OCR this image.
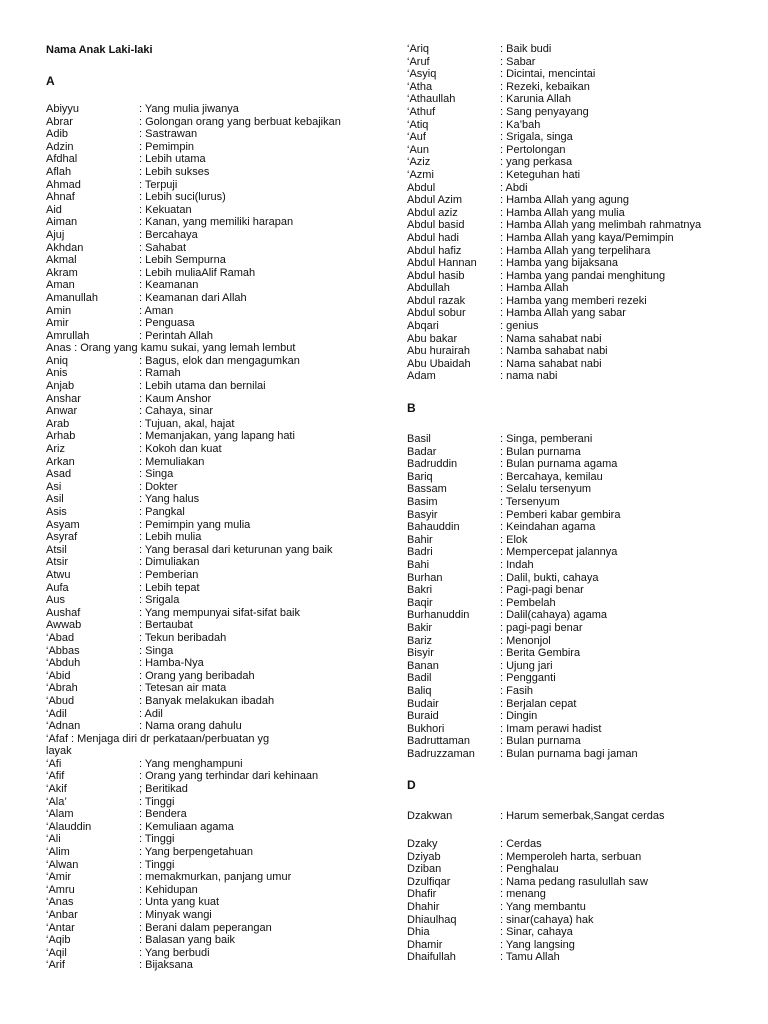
Nama Anak Laki-laki
A
Abiyyu	: Yang mulia jiwanya
Abrar	: Golongan orang yang berbuat kebajikan
Adib	: Sastrawan
Adzin	: Pemimpin
Afdhal	: Lebih utama
Aflah	: Lebih sukses
Ahmad	: Terpuji
Ahnaf	: Lebih suci(lurus)
Aid	: Kekuatan
Aiman	: Kanan, yang memiliki harapan
Ajuj	: Bercahaya
Akhdan	: Sahabat
Akmal	: Lebih Sempurna
Akram	: Lebih muliaAlif Ramah
Aman	: Keamanan
Amanullah	: Keamanan dari Allah
Amin	: Aman
Amir	: Penguasa
Amrullah	: Perintah Allah
Anas : Orang yang kamu sukai, yang lemah lembut
Aniq	: Bagus, elok dan mengagumkan
Anis	: Ramah
Anjab	: Lebih utama dan bernilai
Anshar	: Kaum Anshor
Anwar	: Cahaya, sinar
Arab	: Tujuan, akal, hajat
Arhab	: Memanjakan, yang lapang hati
Ariz	: Kokoh dan kuat
Arkan	: Memuliakan
Asad	: Singa
Asi	: Dokter
Asil	: Yang halus
Asis	: Pangkal
Asyam	: Pemimpin yang mulia
Asyraf	: Lebih mulia
Atsil	: Yang berasal dari keturunan yang baik
Atsir	: Dimuliakan
Atwu	: Pemberian
Aufa	: Lebih tepat
Aus	: Srigala
Aushaf	: Yang mempunyai sifat-sifat baik
Awwab	: Bertaubat
‘Abad	: Tekun beribadah
‘Abbas	: Singa
‘Abduh	: Hamba-Nya
‘Abid	: Orang yang beribadah
‘Abrah	: Tetesan air mata
‘Abud	: Banyak melakukan ibadah
‘Adil	: Adil
‘Adnan	: Nama orang dahulu
‘Afaf : Menjaga diri dr perkataan/perbuatan yg
layak
‘Afi	: Yang menghampuni
‘Afif	: Orang yang terhindar dari kehinaan
‘Akif	; Beritikad
‘Ala’	: Tinggi
‘Alam	: Bendera
‘Alauddin	: Kemuliaan agama
‘Ali	: Tinggi
‘Alim	: Yang berpengetahuan
‘Alwan	: Tinggi
‘Amir	: memakmurkan, panjang umur
‘Amru	: Kehidupan
‘Anas	: Unta yang kuat
‘Anbar	: Minyak wangi
‘Antar	: Berani dalam peperangan
‘Aqib	: Balasan yang baik
‘Aqil	: Yang berbudi
‘Arif	: Bijaksana
‘Ariq	: Baik budi
‘Aruf	: Sabar
‘Asyiq	: Dicintai, mencintai
‘Atha	: Rezeki, kebaikan
‘Athaullah	: Karunia Allah
‘Athuf	: Sang penyayang
‘Atiq	: Ka’bah
‘Auf	: Srigala, singa
‘Aun	: Pertolongan
‘Aziz	: yang perkasa
‘Azmi	: Keteguhan hati
Abdul	: Abdi
Abdul Azim	: Hamba Allah yang agung
Abdul aziz	: Hamba Allah yang mulia
Abdul basid	: Hamba Allah yang melimbah rahmatnya
Abdul hadi	: Hamba Allah yang kaya/Pemimpin
Abdul hafiz	: Hamba Allah yang terpelihara
Abdul Hannan	: Hamba yang bijaksana
Abdul hasib	: Hamba yang pandai menghitung
Abdullah	: Hamba Allah
Abdul razak	: Hamba yang memberi rezeki
Abdul sobur	: Hamba Allah yang sabar
Abqari	: genius
Abu bakar	: Nama sahabat nabi
Abu hurairah	: Namba sahabat nabi
Abu Ubaidah	: Nama sahabat nabi
Adam	: nama nabi
B
Basil	: Singa, pemberani
Badar	: Bulan purnama
Badruddin	: Bulan purnama agama
Bariq	: Bercahaya, kemilau
Bassam	: Selalu tersenyum
Basim	: Tersenyum
Basyir	: Pemberi kabar gembira
Bahauddin	: Keindahan agama
Bahir	: Elok
Badri	: Mempercepat jalannya
Bahi	: Indah
Burhan	: Dalil, bukti, cahaya
Bakri	: Pagi-pagi benar
Baqir	: Pembelah
Burhanuddin	: Dalil(cahaya) agama
Bakir	: pagi-pagi benar
Bariz	: Menonjol
Bisyir	: Berita Gembira
Banan	: Ujung jari
Badil	: Pengganti
Baliq	: Fasih
Budair	: Berjalan cepat
Buraid	: Dingin
Bukhori	: Imam perawi hadist
Badruttaman	: Bulan purnama
Badruzzaman	: Bulan purnama bagi jaman
D
Dzakwan	: Harum semerbak,Sangat cerdas
Dzaky	: Cerdas
Dziyab	: Memperoleh harta, serbuan
Dziban	: Penghalau
Dzulfiqar	: Nama pedang rasulullah saw
Dhafir	: menang
Dhahir	: Yang membantu
Dhiaulhaq	: sinar(cahaya) hak
Dhia	: Sinar, cahaya
Dhamir	: Yang langsing
Dhaifullah	: Tamu Allah
